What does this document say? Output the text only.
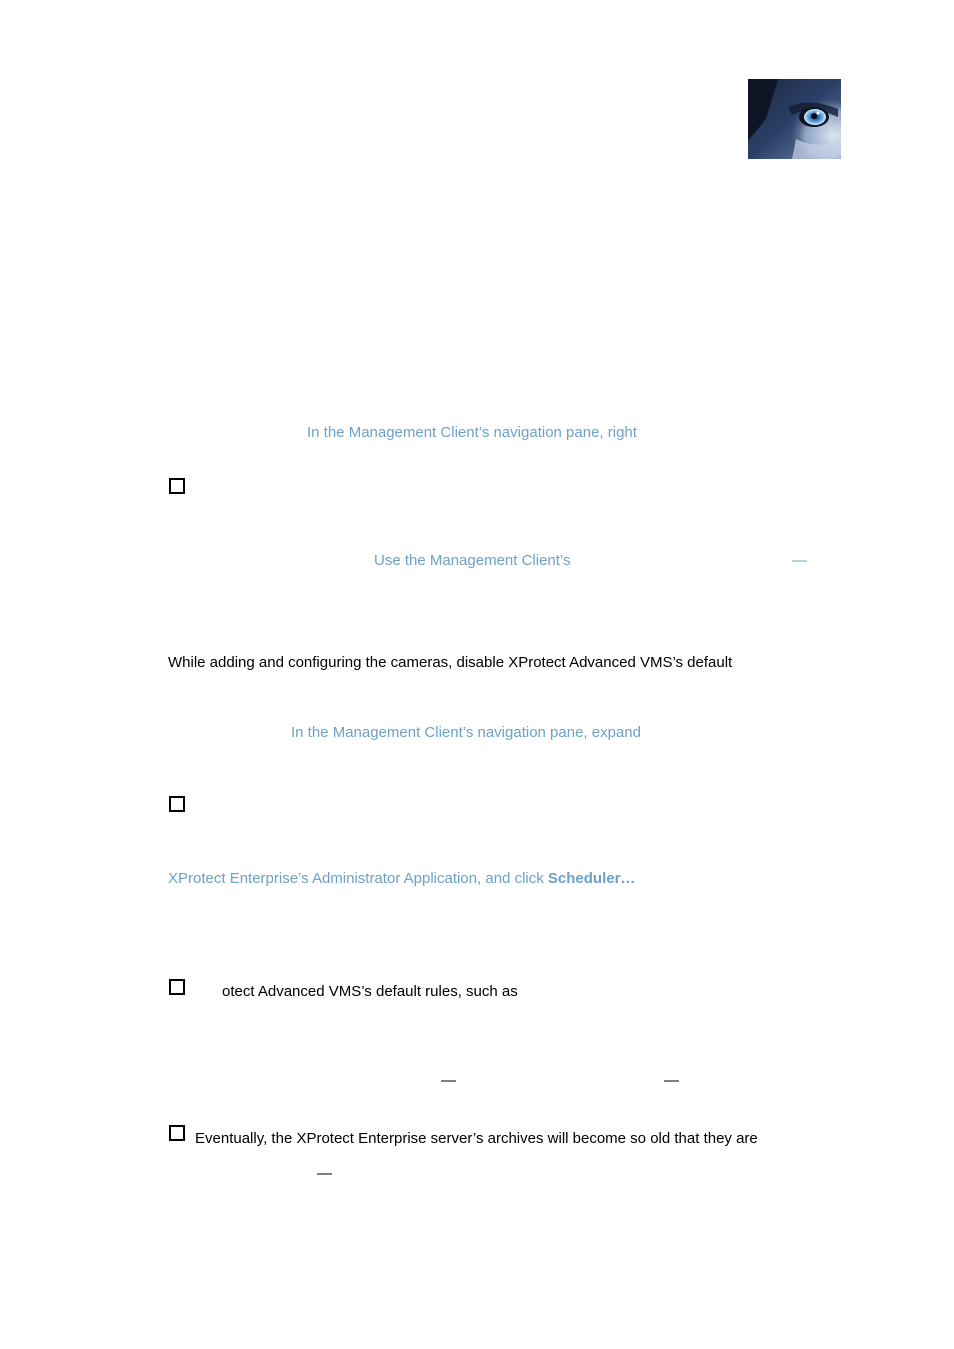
In the Management Client’s navigation pane, right
Use the Management Client’s	—
While adding and configuring the cameras, disable XProtect Advanced VMS’s default
In the Management Client’s navigation pane, expand
XProtect Enterprise’s Administrator Application, and click Scheduler…
otect Advanced VMS’s default rules, such as
—	—
Eventually, the XProtect Enterprise server’s archives will become so old that they are
—
